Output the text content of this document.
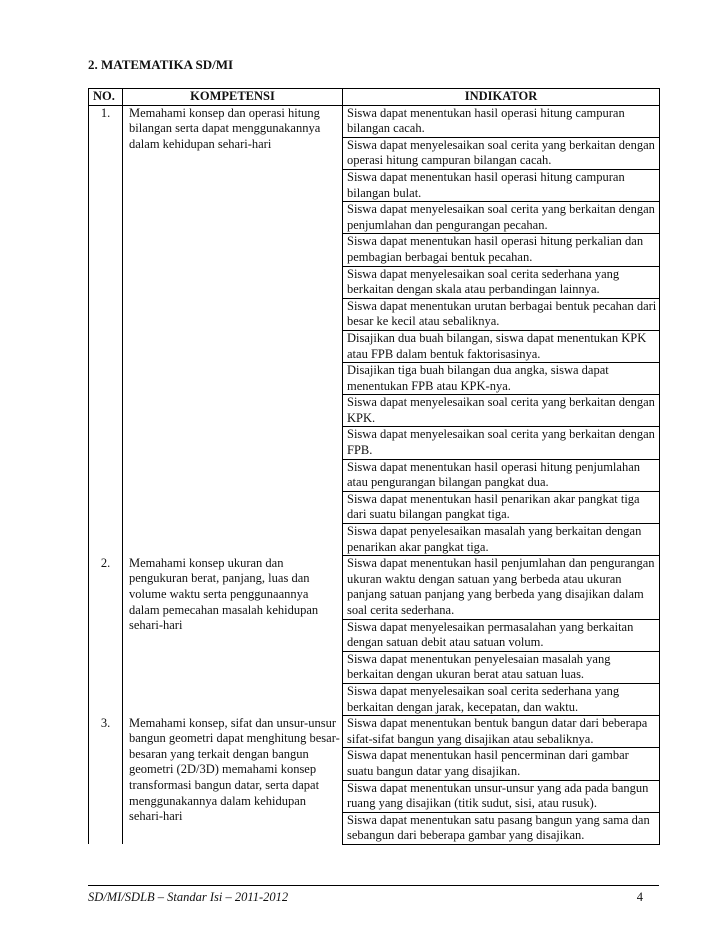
2. MATEMATIKA SD/MI
NO.	KOMPETENSI	INDIKATOR
1.	Memahami konsep dan operasi hitung bilangan serta dapat menggunakannya dalam kehidupan sehari-hari	Siswa dapat menentukan hasil operasi hitung campuran bilangan cacah.
		Siswa dapat menyelesaikan soal cerita yang berkaitan dengan operasi hitung campuran bilangan cacah.
		Siswa dapat menentukan hasil operasi hitung campuran bilangan bulat.
		Siswa dapat menyelesaikan soal cerita yang berkaitan dengan penjumlahan dan pengurangan pecahan.
		Siswa dapat menentukan hasil operasi hitung perkalian dan pembagian berbagai bentuk pecahan.
		Siswa dapat menyelesaikan soal cerita sederhana yang berkaitan dengan skala atau perbandingan lainnya.
		Siswa dapat menentukan urutan berbagai bentuk pecahan dari besar ke kecil atau sebaliknya.
		Disajikan dua buah bilangan, siswa dapat menentukan KPK atau FPB dalam bentuk faktorisasinya.
		Disajikan tiga buah bilangan dua angka, siswa dapat menentukan FPB atau KPK-nya.
		Siswa dapat menyelesaikan soal cerita yang berkaitan dengan KPK.
		Siswa dapat menyelesaikan soal cerita yang berkaitan dengan FPB.
		Siswa dapat menentukan hasil operasi hitung penjumlahan atau pengurangan bilangan pangkat dua.
		Siswa dapat menentukan hasil penarikan akar pangkat tiga dari suatu bilangan pangkat tiga.
		Siswa dapat penyelesaikan masalah yang berkaitan dengan penarikan akar pangkat tiga.
2.	Memahami konsep ukuran dan pengukuran berat, panjang, luas dan volume waktu serta penggunaannya dalam pemecahan masalah kehidupan sehari-hari	Siswa dapat menentukan hasil penjumlahan dan pengurangan ukuran waktu dengan satuan yang berbeda atau ukuran panjang satuan panjang yang berbeda yang disajikan dalam soal cerita sederhana.
		Siswa dapat menyelesaikan permasalahan yang berkaitan dengan satuan debit atau satuan volum.
		Siswa dapat menentukan penyelesaian masalah yang berkaitan dengan ukuran berat atau satuan luas.
		Siswa dapat menyelesaikan soal cerita sederhana yang berkaitan dengan jarak, kecepatan, dan waktu.
3.	Memahami konsep, sifat dan unsur-unsur bangun geometri dapat menghitung besar-besaran yang terkait dengan bangun geometri (2D/3D) memahami konsep transformasi bangun datar, serta dapat menggunakannya dalam kehidupan sehari-hari	Siswa dapat menentukan bentuk bangun datar dari beberapa sifat-sifat bangun yang disajikan atau sebaliknya.
		Siswa dapat menentukan hasil pencerminan dari gambar suatu bangun datar yang disajikan.
		Siswa dapat menentukan unsur-unsur yang ada pada bangun ruang yang disajikan (titik sudut, sisi, atau rusuk).
		Siswa dapat menentukan satu pasang bangun yang sama dan sebangun dari beberapa gambar yang disajikan.
SD/MI/SDLB – Standar Isi – 2011-2012	4
